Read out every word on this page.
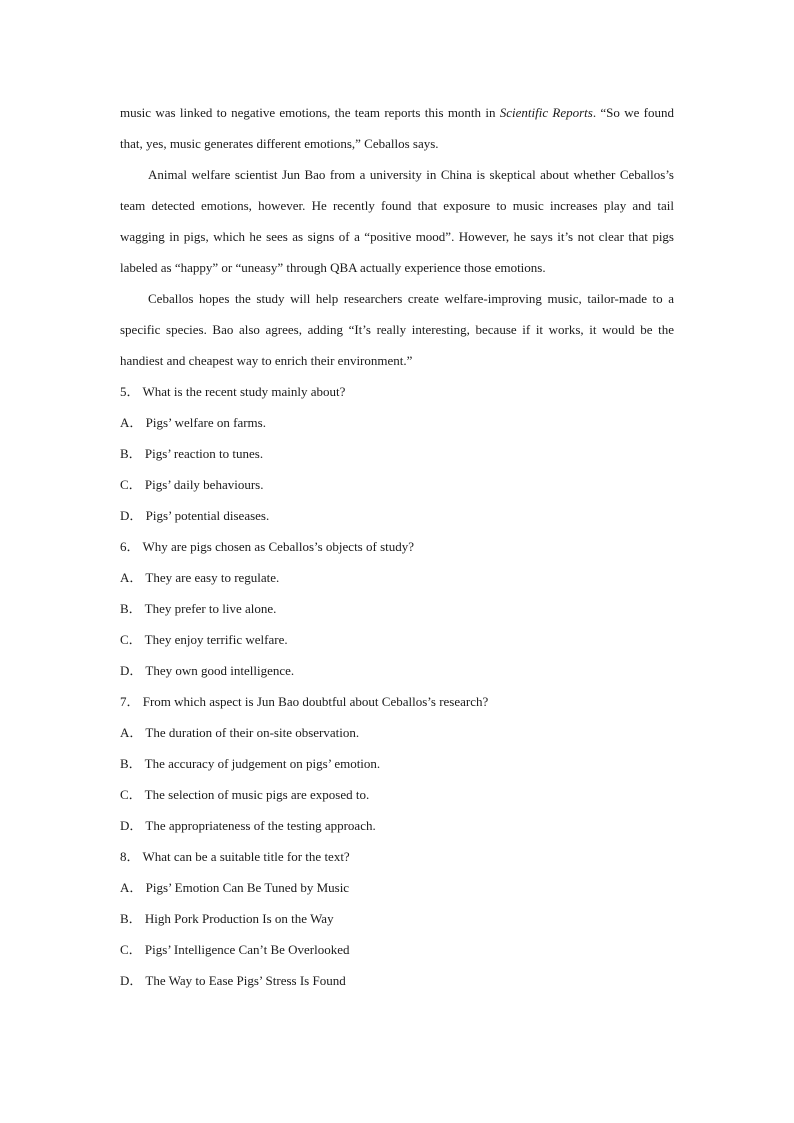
music was linked to negative emotions, the team reports this month in Scientific Reports. “So we found that, yes, music generates different emotions,” Ceballos says.

Animal welfare scientist Jun Bao from a university in China is skeptical about whether Ceballos’s team detected emotions, however. He recently found that exposure to music increases play and tail wagging in pigs, which he sees as signs of a “positive mood”. However, he says it’s not clear that pigs labeled as “happy” or “uneasy” through QBA actually experience those emotions.

Ceballos hopes the study will help researchers create welfare-improving music, tailor-made to a specific species. Bao also agrees, adding “It’s really interesting, because if it works, it would be the handiest and cheapest way to enrich their environment.”

5． What is the recent study mainly about?

A． Pigs’ welfare on farms.

B． Pigs’ reaction to tunes.

C． Pigs’ daily behaviours.

D． Pigs’ potential diseases.

6． Why are pigs chosen as Ceballos’s objects of study?

A． They are easy to regulate.

B． They prefer to live alone.

C． They enjoy terrific welfare.

D． They own good intelligence.

7． From which aspect is Jun Bao doubtful about Ceballos’s research?

A． The duration of their on-site observation.

B． The accuracy of judgement on pigs’ emotion.

C． The selection of music pigs are exposed to.

D． The appropriateness of the testing approach.

8． What can be a suitable title for the text?

A． Pigs’ Emotion Can Be Tuned by Music

B． High Pork Production Is on the Way

C． Pigs’ Intelligence Can’t Be Overlooked

D． The Way to Ease Pigs’ Stress Is Found
